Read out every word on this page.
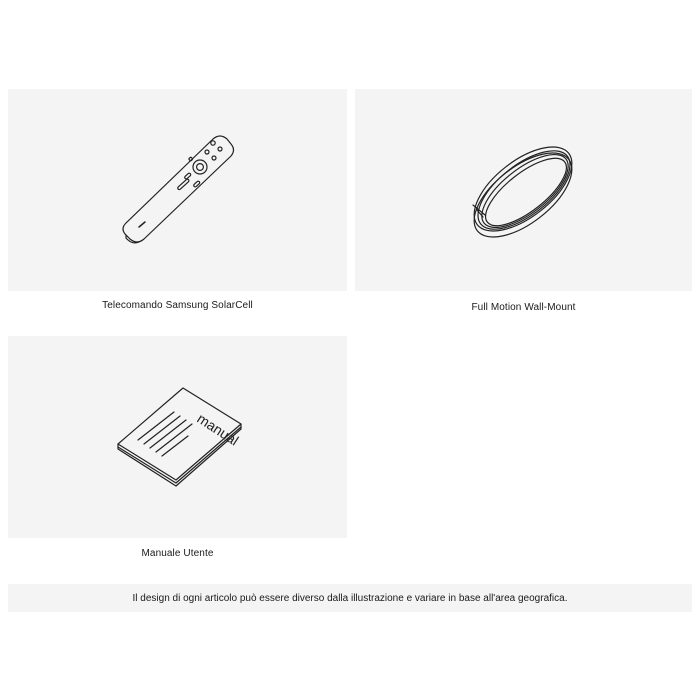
Telecomando Samsung SolarCell	Full Motion Wall-Mount
manual
Manuale Utente
Il design di ogni articolo può essere diverso dalla illustrazione e variare in base all'area geografica.
